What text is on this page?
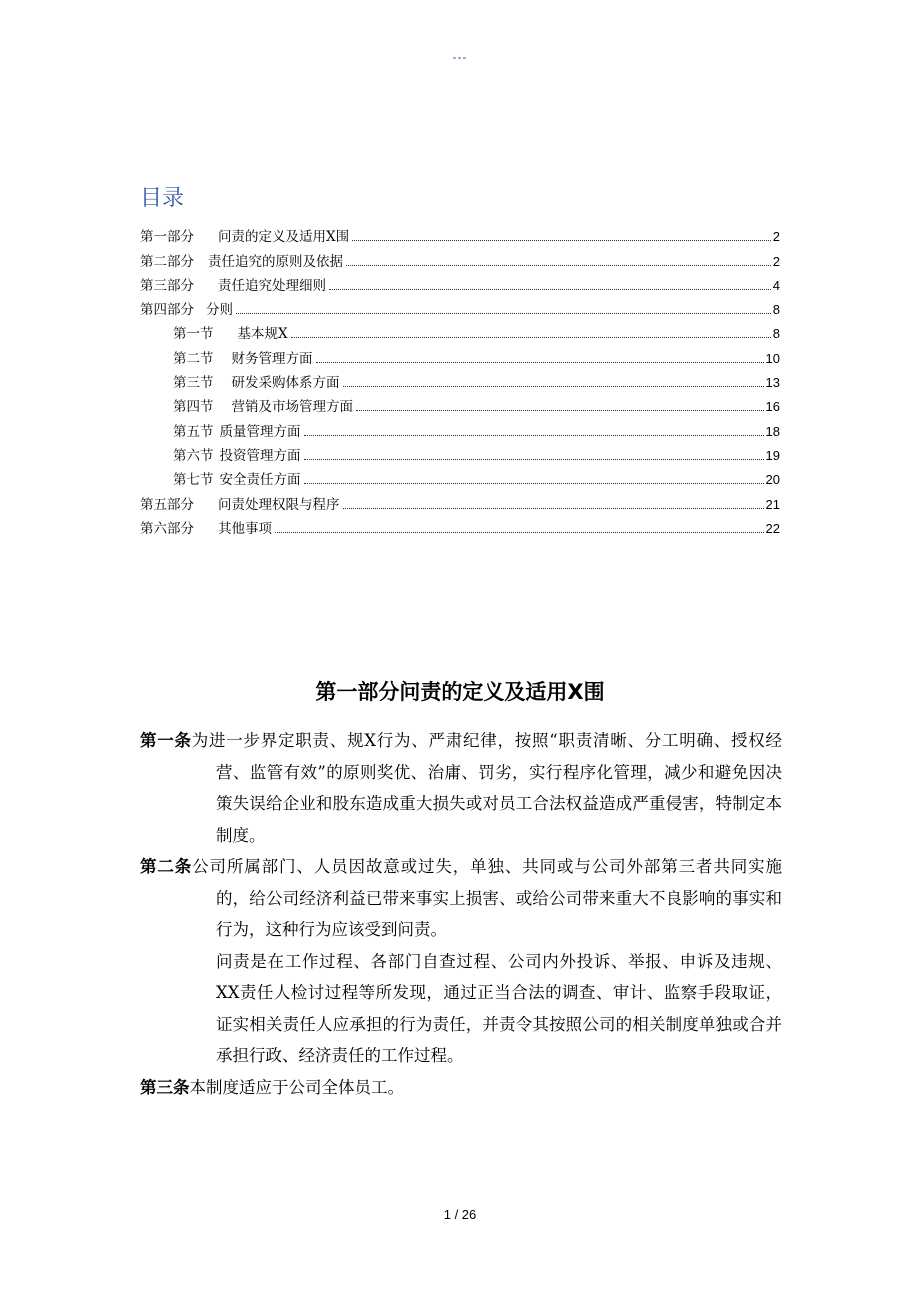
---
目录
第一部分 问责的定义及适用X围	2
第二部分 责任追究的原则及依据	2
第三部分 责任追究处理细则	4
第四部分 分则	8
第一节 基本规X	8
第二节 财务管理方面	10
第三节 研发采购体系方面	13
第四节 营销及市场管理方面	16
第五节 质量管理方面	18
第六节 投资管理方面	19
第七节 安全责任方面	20
第五部分 问责处理权限与程序	21
第六部分 其他事项	22
第一部分问责的定义及适用X围

第一条为进一步界定职责、规X行为、严肃纪律，按照“职责清晰、分工明确、授权经营、监管有效”的原则奖优、治庸、罚劣，实行程序化管理，减少和避免因决策失误给企业和股东造成重大损失或对员工合法权益造成严重侵害，特制定本制度。

第二条公司所属部门、人员因故意或过失，单独、共同或与公司外部第三者共同实施的，给公司经济利益已带来事实上损害、或给公司带来重大不良影响的事实和行为，这种行为应该受到问责。

问责是在工作过程、各部门自查过程、公司内外投诉、举报、申诉及违规、XX责任人检讨过程等所发现，通过正当合法的调查、审计、监察手段取证，证实相关责任人应承担的行为责任，并责令其按照公司的相关制度单独或合并承担行政、经济责任的工作过程。

第三条本制度适应于公司全体员工。

1 / 26
